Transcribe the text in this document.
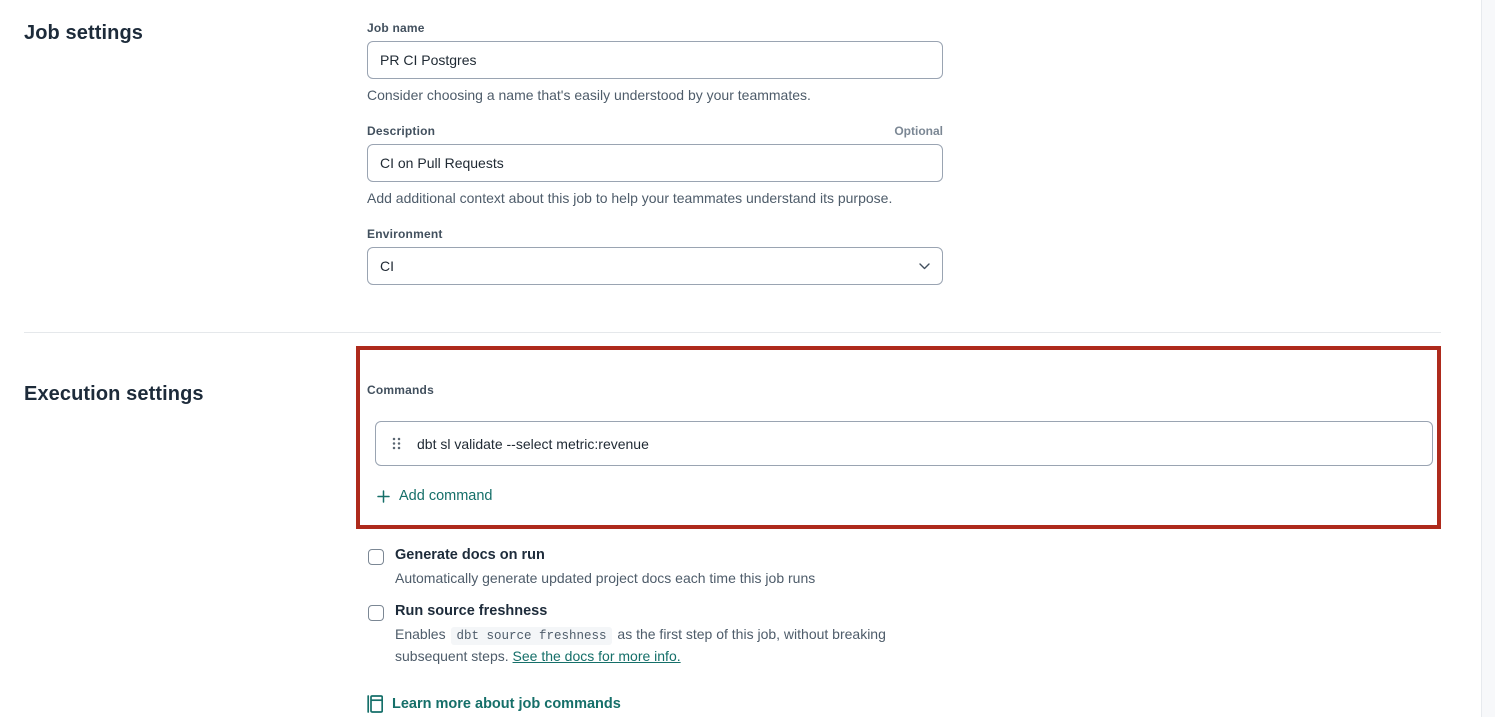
Job settings	Job name
PR CI Postgres
Consider choosing a name that's easily understood by your teammates.
Description	Optional
CI on Pull Requests
Add additional context about this job to help your teammates understand its purpose.
Environment
CI
Execution settings	Commands
dbt sl validate --select metric:revenue
Add command
Generate docs on run
Automatically generate updated project docs each time this job runs
Run source freshness
Enables dbt source freshness as the first step of this job, without breaking subsequent steps. See the docs for more info.
Learn more about job commands
